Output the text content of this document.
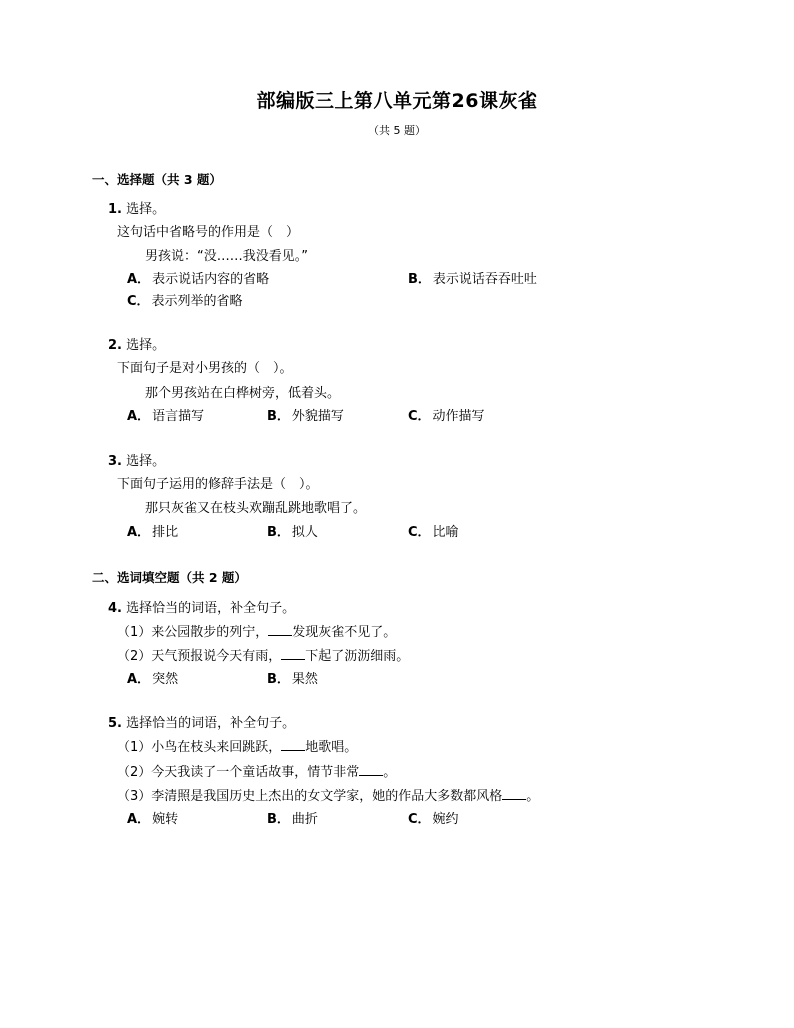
部编版三上第八单元第26课灰雀
（共 5 题）
一、选择题（共 3 题）
1. 选择。
这句话中省略号的作用是（　）
男孩说：“没……我没看见。”
A． 表示说话内容的省略	B． 表示说话吞吞吐吐
C． 表示列举的省略
2. 选择。
下面句子是对小男孩的（　）。
那个男孩站在白桦树旁，低着头。
A． 语言描写	B． 外貌描写	C． 动作描写
3. 选择。
下面句子运用的修辞手法是（　）。
那只灰雀又在枝头欢蹦乱跳地歌唱了。
A． 排比	B． 拟人	C． 比喻
二、选词填空题（共 2 题）
4. 选择恰当的词语，补全句子。
（1）来公园散步的列宁， 发现灰雀不见了。
（2）天气预报说今天有雨， 下起了沥沥细雨。
A． 突然	B． 果然
5. 选择恰当的词语，补全句子。
（1）小鸟在枝头来回跳跃， 地歌唱。
（2）今天我读了一个童话故事，情节非常 。
（3）李清照是我国历史上杰出的女文学家，她的作品大多数都风格 。
A． 婉转	B． 曲折	C． 婉约
